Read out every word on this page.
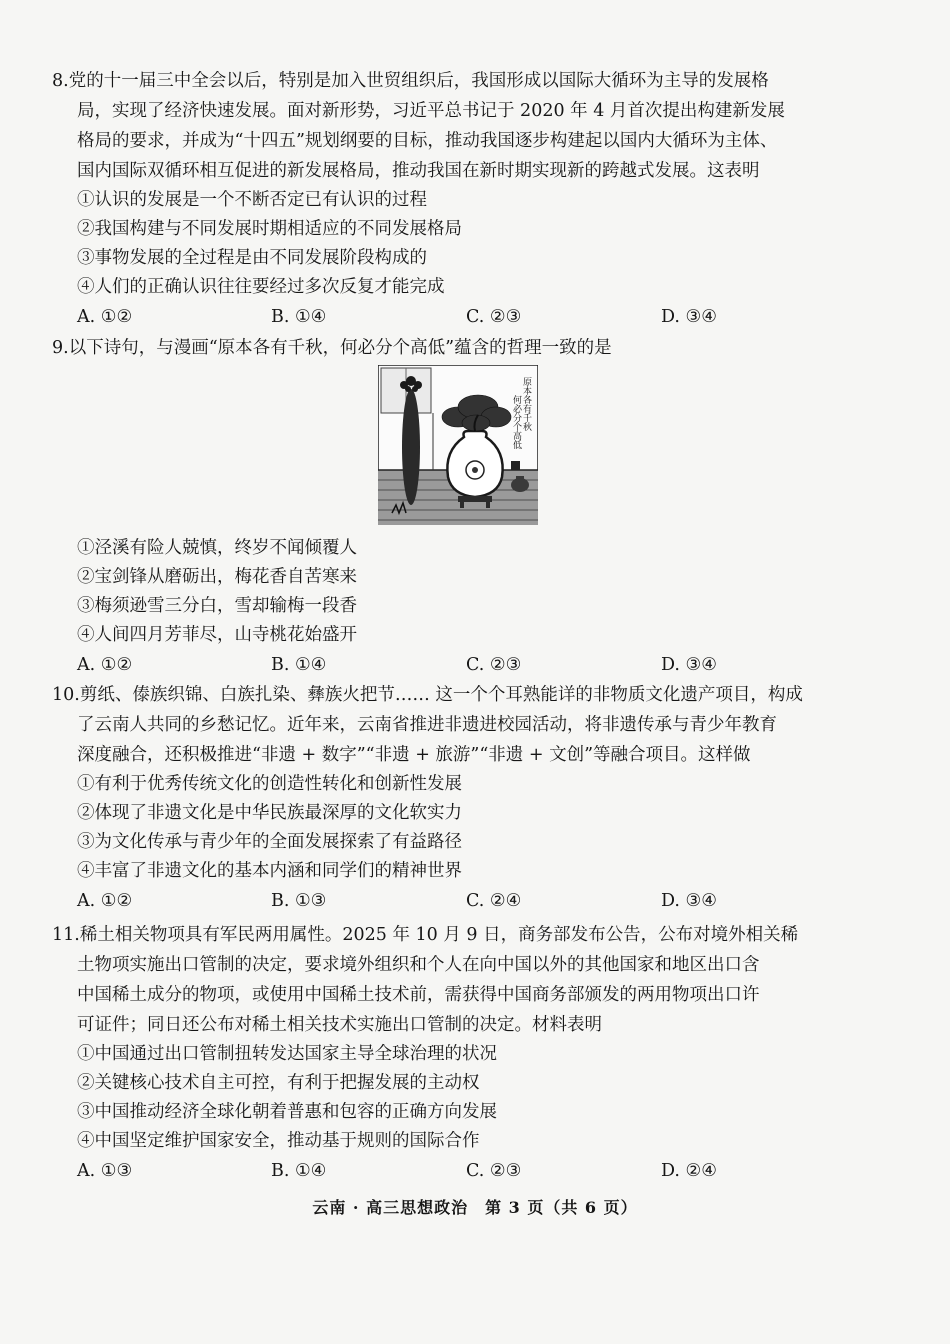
8.党的十一届三中全会以后，特别是加入世贸组织后，我国形成以国际大循环为主导的发展格
局，实现了经济快速发展。面对新形势，习近平总书记于 2020 年 4 月首次提出构建新发展
格局的要求，并成为“十四五”规划纲要的目标，推动我国逐步构建起以国内大循环为主体、
国内国际双循环相互促进的新发展格局，推动我国在新时期实现新的跨越式发展。这表明
①认识的发展是一个不断否定已有认识的过程
②我国构建与不同发展时期相适应的不同发展格局
③事物发展的全过程是由不同发展阶段构成的
④人们的正确认识往往要经过多次反复才能完成
A. ①②	B. ①④	C. ②③	D. ③④
9.以下诗句，与漫画“原本各有千秋，何必分个高低”蕴含的哲理一致的是
原本各有千秋
何必分个高低
①泾溪有险人兢慎，终岁不闻倾覆人
②宝剑锋从磨砺出，梅花香自苦寒来
③梅须逊雪三分白，雪却输梅一段香
④人间四月芳菲尽，山寺桃花始盛开
A. ①②	B. ①④	C. ②③	D. ③④
10.剪纸、傣族织锦、白族扎染、彝族火把节…… 这一个个耳熟能详的非物质文化遗产项目，构成
了云南人共同的乡愁记忆。近年来，云南省推进非遗进校园活动，将非遗传承与青少年教育
深度融合，还积极推进“非遗 + 数字”“非遗 + 旅游”“非遗 + 文创”等融合项目。这样做
①有利于优秀传统文化的创造性转化和创新性发展
②体现了非遗文化是中华民族最深厚的文化软实力
③为文化传承与青少年的全面发展探索了有益路径
④丰富了非遗文化的基本内涵和同学们的精神世界
A. ①②	B. ①③	C. ②④	D. ③④
11.稀土相关物项具有军民两用属性。2025 年 10 月 9 日，商务部发布公告，公布对境外相关稀
土物项实施出口管制的决定，要求境外组织和个人在向中国以外的其他国家和地区出口含
中国稀土成分的物项，或使用中国稀土技术前，需获得中国商务部颁发的两用物项出口许
可证件；同日还公布对稀土相关技术实施出口管制的决定。材料表明
①中国通过出口管制扭转发达国家主导全球治理的状况
②关键核心技术自主可控，有利于把握发展的主动权
③中国推动经济全球化朝着普惠和包容的正确方向发展
④中国坚定维护国家安全，推动基于规则的国际合作
A. ①③	B. ①④	C. ②③	D. ②④
云南 · 高三思想政治　第 3 页（共 6 页）
